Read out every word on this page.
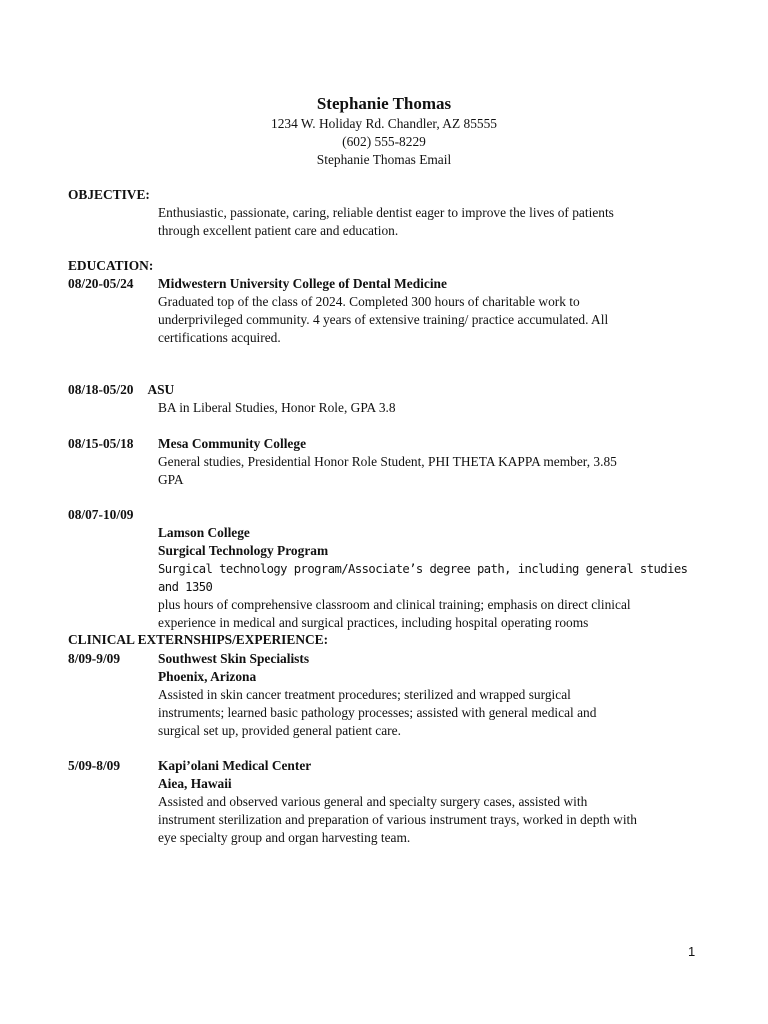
Stephanie Thomas
1234 W. Holiday Rd. Chandler, AZ 85555
(602) 555-8229
Stephanie Thomas Email
OBJECTIVE:
Enthusiastic, passionate, caring, reliable dentist eager to improve the lives of patients
through excellent patient care and education.
EDUCATION:
08/20-05/24 Midwestern University College of Dental Medicine
Graduated top of the class of 2024. Completed 300 hours of charitable work to
underprivileged community. 4 years of extensive training/ practice accumulated. All
certifications acquired.
08/18-05/20 ASU
BA in Liberal Studies, Honor Role, GPA 3.8
08/15-05/18 Mesa Community College
General studies, Presidential Honor Role Student, PHI THETA KAPPA member, 3.85
GPA
08/07-10/09
Lamson College
Surgical Technology Program
Surgical technology program/Associate’s degree path, including general studies and 1350
plus hours of comprehensive classroom and clinical training; emphasis on direct clinical
experience in medical and surgical practices, including hospital operating rooms
CLINICAL EXTERNSHIPS/EXPERIENCE:
8/09-9/09	Southwest Skin Specialists
Phoenix, Arizona
Assisted in skin cancer treatment procedures; sterilized and wrapped surgical
instruments; learned basic pathology processes; assisted with general medical and
surgical set up, provided general patient care.
5/09-8/09	Kapi’olani Medical Center
Aiea, Hawaii
Assisted and observed various general and specialty surgery cases, assisted with
instrument sterilization and preparation of various instrument trays, worked in depth with
eye specialty group and organ harvesting team.
1
